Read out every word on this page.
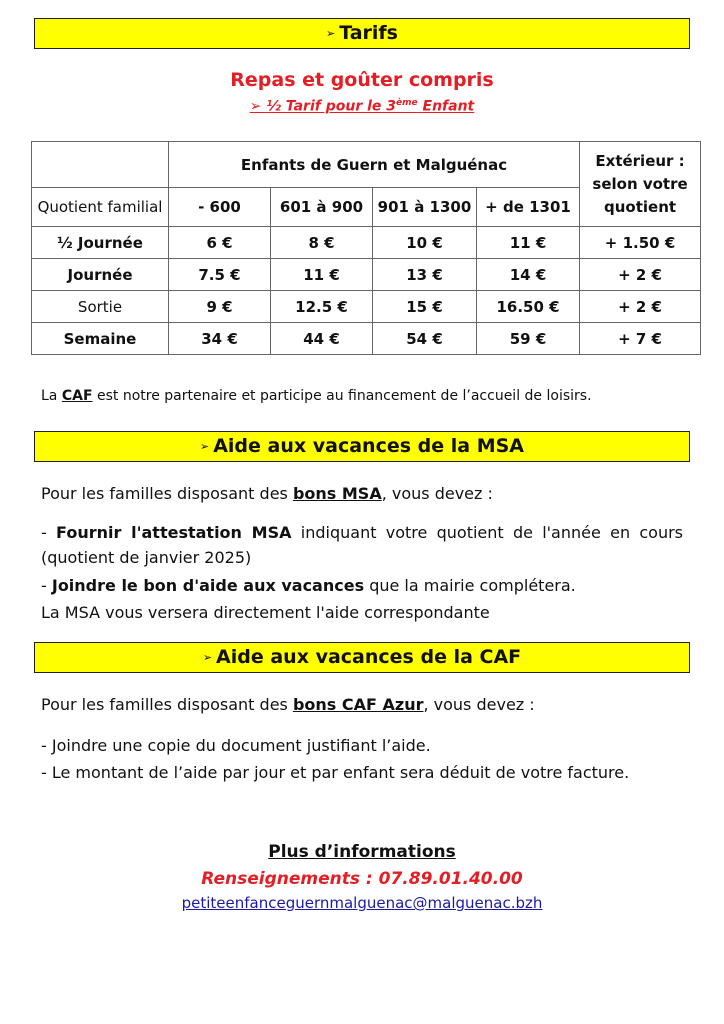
➢ Tarifs
Repas et goûter compris
➢ ½ Tarif pour le 3ème Enfant
	Enfants de Guern et Malguénac				Extérieur :
selon votre
quotient

Quotient familial	- 600	601 à 900	901 à 1300	+ de 1301	
½ Journée	6 €	8 €	10 €	11 €	+ 1.50 €
Journée	7.5 €	11 €	13 €	14 €	+ 2 €
Sortie	9 €	12.5 €	15 €	16.50 €	+ 2 €
Semaine	34 €	44 €	54 €	59 €	+ 7 €
La CAF est notre partenaire et participe au financement de l’accueil de loisirs.
➢ Aide aux vacances de la MSA
Pour les familles disposant des bons MSA, vous devez :
- Fournir l'attestation MSA indiquant votre quotient de l'année en cours (quotient de janvier 2025)
- Joindre le bon d'aide aux vacances que la mairie complétera.
La MSA vous versera directement l'aide correspondante
➢ Aide aux vacances de la CAF
Pour les familles disposant des bons CAF Azur, vous devez :
- Joindre une copie du document justifiant l’aide.
- Le montant de l’aide par jour et par enfant sera déduit de votre facture.
Plus d’informations
Renseignements : 07.89.01.40.00
petiteenfanceguernmalguenac@malguenac.bzh
